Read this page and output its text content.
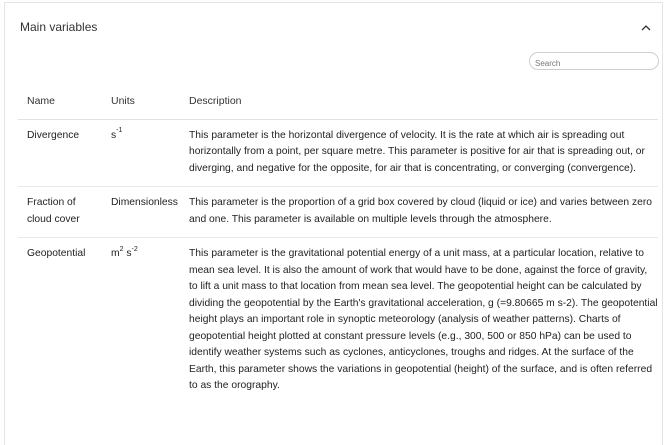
Main variables
Search
Name	Units	Description
Divergence	$s^{-1}$	This parameter is the horizontal divergence of velocity. It is the rate at which air is spreading out horizontally from a point, per square metre. This parameter is positive for air that is spreading out, or diverging, and negative for the opposite, for air that is concentrating, or converging (convergence).
Fraction of cloud cover	Dimensionless	This parameter is the proportion of a grid box covered by cloud (liquid or ice) and varies between zero and one. This parameter is available on multiple levels through the atmosphere.
Geopotential	$m^2$ $s^{-2}$	This parameter is the gravitational potential energy of a unit mass, at a particular location, relative to mean sea level. It is also the amount of work that would have to be done, against the force of gravity, to lift a unit mass to that location from mean sea level. The geopotential height can be calculated by dividing the geopotential by the Earth's gravitational acceleration, g (=9.80665 m s-2). The geopotential height plays an important role in synoptic meteorology (analysis of weather patterns). Charts of geopotential height plotted at constant pressure levels (e.g., 300, 500 or 850 hPa) can be used to identify weather systems such as cyclones, anticyclones, troughs and ridges. At the surface of the Earth, this parameter shows the variations in geopotential (height) of the surface, and is often referred to as the orography.
